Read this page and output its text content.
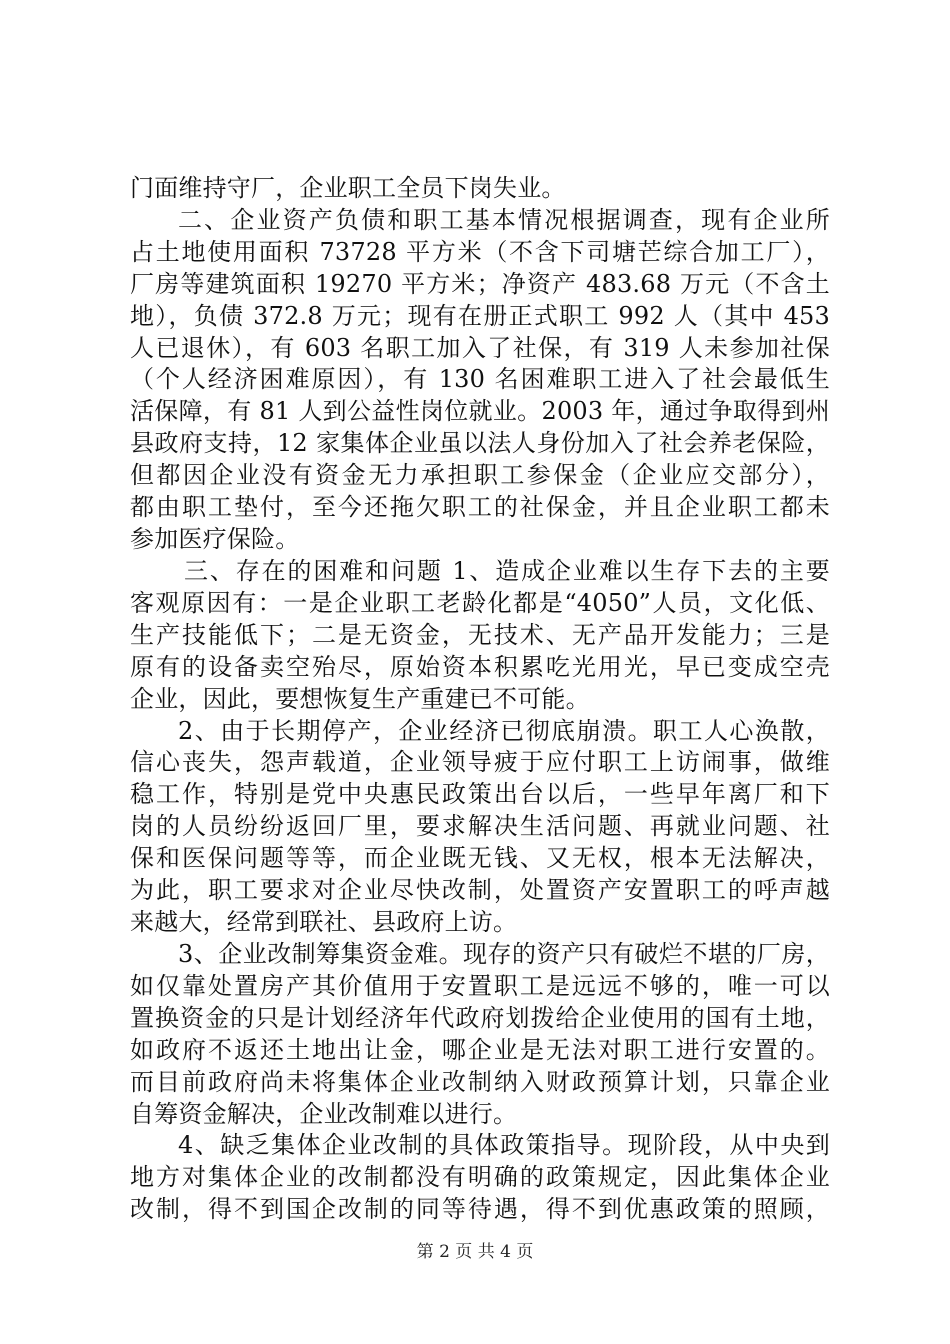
门面维持守厂，企业职工全员下岗失业。
二、企业资产负债和职工基本情况根据调查，现有企业所
占土地使用面积 73728 平方米（不含下司塘芒综合加工厂），
厂房等建筑面积 19270 平方米；净资产 483.68 万元（不含土
地），负债 372.8 万元；现有在册正式职工 992 人（其中 453
人已退休），有 603 名职工加入了社保，有 319 人未参加社保
（个人经济困难原因），有 130 名困难职工进入了社会最低生
活保障，有 81 人到公益性岗位就业。2003 年，通过争取得到州
县政府支持，12 家集体企业虽以法人身份加入了社会养老保险，
但都因企业没有资金无力承担职工参保金（企业应交部分），
都由职工垫付，至今还拖欠职工的社保金，并且企业职工都未
参加医疗保险。
三、存在的困难和问题 1、造成企业难以生存下去的主要
客观原因有：一是企业职工老龄化都是“4050”人员，文化低、
生产技能低下；二是无资金，无技术、无产品开发能力；三是
原有的设备卖空殆尽，原始资本积累吃光用光，早已变成空壳
企业，因此，要想恢复生产重建已不可能。
2、由于长期停产，企业经济已彻底崩溃。职工人心涣散，
信心丧失，怨声载道，企业领导疲于应付职工上访闹事，做维
稳工作，特别是党中央惠民政策出台以后，一些早年离厂和下
岗的人员纷纷返回厂里，要求解决生活问题、再就业问题、社
保和医保问题等等，而企业既无钱、又无权，根本无法解决，
为此，职工要求对企业尽快改制，处置资产安置职工的呼声越
来越大，经常到联社、县政府上访。
3、企业改制筹集资金难。现存的资产只有破烂不堪的厂房，
如仅靠处置房产其价值用于安置职工是远远不够的，唯一可以
置换资金的只是计划经济年代政府划拨给企业使用的国有土地，
如政府不返还土地出让金，哪企业是无法对职工进行安置的。
而目前政府尚未将集体企业改制纳入财政预算计划，只靠企业
自筹资金解决，企业改制难以进行。
4、缺乏集体企业改制的具体政策指导。现阶段，从中央到
地方对集体企业的改制都没有明确的政策规定，因此集体企业
改制，得不到国企改制的同等待遇，得不到优惠政策的照顾，
第 2 页 共 4 页
